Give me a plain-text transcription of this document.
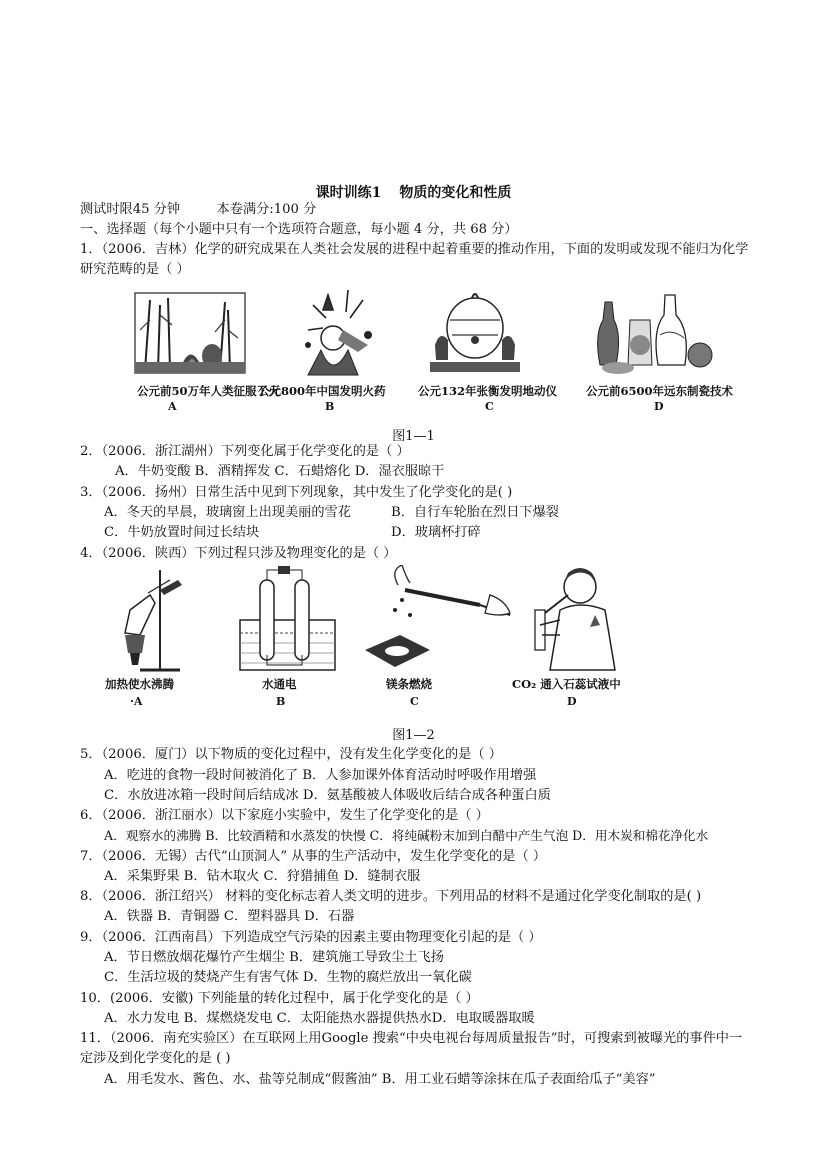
课时训练1 物质的变化和性质
测试时限45 分钟	本卷满分:100 分
一、选择题（每个小题中只有一个选项符合题意，每小题 4 分，共 68 分）
1．（2006．吉林）化学的研究成果在人类社会发展的进程中起着重要的推动作用，下面的发明或发现不能归为化学
研究范畴的是（ ）
公元前50万年人类征服了火
公元800年中国发明火药	公元132年张衡发明地动仪	公元前6500年远东制瓷技术
A	B	C	D
图1—1
2．（2006．浙江湖州）下列变化属于化学变化的是（ ）
A．牛奶变酸 B．酒精挥发 C．石蜡熔化 D．湿衣服晾干
3．（2006．扬州）日常生活中见到下列现象，其中发生了化学变化的是( )
A．冬天的早晨，玻璃窗上出现美丽的雪花	B．自行车轮胎在烈日下爆裂
C．牛奶放置时间过长结块	D．玻璃杯打碎
4．（2006．陕西）下列过程只涉及物理变化的是（ ）
加热使水沸腾	水通电	镁条燃烧	CO₂ 通入石蕊试液中
·A	B	C	D
图1—2
5．（2006．厦门）以下物质的变化过程中，没有发生化学变化的是（ ）
A．吃进的食物一段时间被消化了 B．人参加课外体育活动时呼吸作用增强
C．水放进冰箱一段时间后结成冰 D．氨基酸被人体吸收后结合成各种蛋白质
6．（2006．浙江丽水）以下家庭小实验中，发生了化学变化的是（ ）
A．观察水的沸腾 B．比较酒精和水蒸发的快慢 C．将纯碱粉末加到白醋中产生气泡 D．用木炭和棉花净化水
7．（2006．无锡）古代“山顶洞人” 从事的生产活动中，发生化学变化的是（ ）
A．采集野果 B．钻木取火 C．狩猎捕鱼 D．缝制衣服
8．（2006．浙江绍兴） 材料的变化标志着人类文明的进步。下列用品的材料不是通过化学变化制取的是( )
A．铁器 B．青铜器 C．塑料器具 D．石器
9．（2006．江西南昌）下列造成空气污染的因素主要由物理变化引起的是（ ）
A．节日燃放烟花爆竹产生烟尘 B．建筑施工导致尘土飞扬
C．生活垃圾的焚烧产生有害气体 D．生物的腐烂放出一氧化碳
10．(2006．安徽) 下列能量的转化过程中，属于化学变化的是（ ）
A．水力发电 B．煤燃烧发电 C．太阳能热水器提供热水D．电取暖器取暖
11．（2006．南充实验区）在互联网上用Google 搜索“中央电视台每周质量报告”时，可搜索到被曝光的事件中一
定涉及到化学变化的是 ( )
A．用毛发水、酱色、水、盐等兑制成“假酱油” B．用工业石蜡等涂抹在瓜子表面给瓜子“美容”
